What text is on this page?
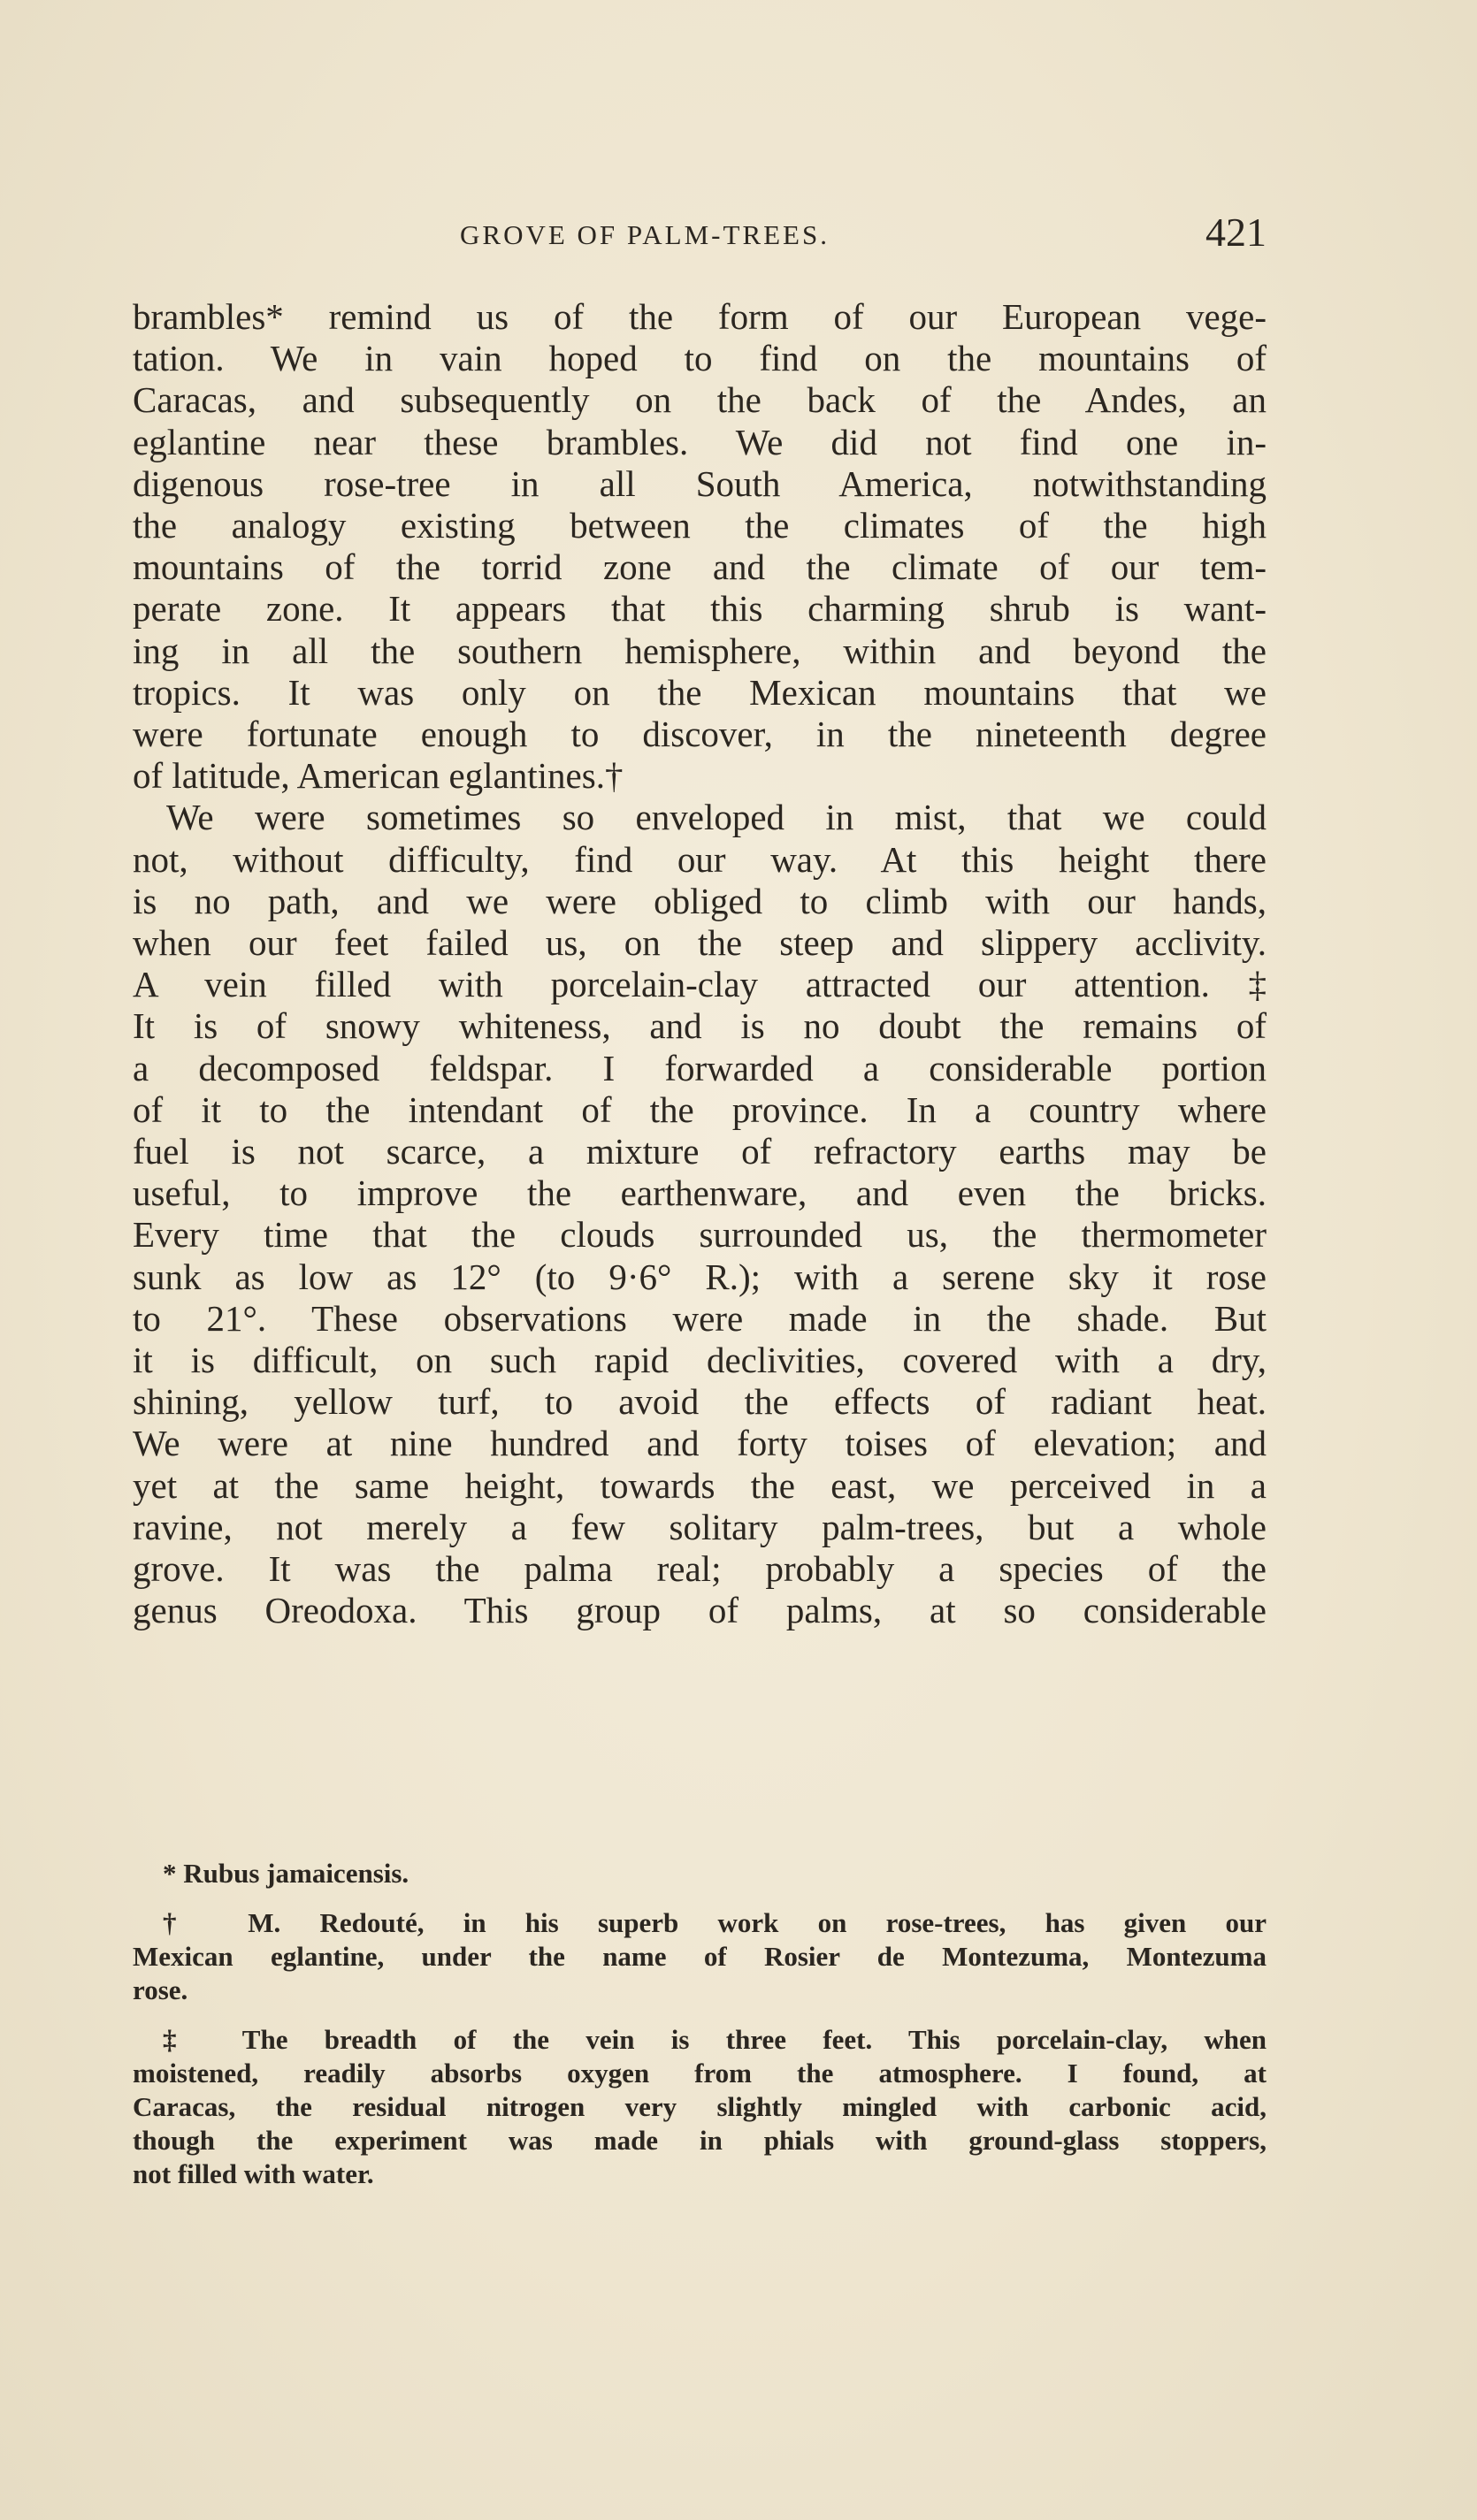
GROVE OF PALM-TREES.	421
brambles* remind us of the form of our European vege-
tation. We in vain hoped to find on the mountains of
Caracas, and subsequently on the back of the Andes, an
eglantine near these brambles. We did not find one in-
digenous rose-tree in all South America, notwithstanding
the analogy existing between the climates of the high
mountains of the torrid zone and the climate of our tem-
perate zone. It appears that this charming shrub is want-
ing in all the southern hemisphere, within and beyond the
tropics. It was only on the Mexican mountains that we
were fortunate enough to discover, in the nineteenth degree
of latitude, American eglantines.†
We were sometimes so enveloped in mist, that we could
not, without difficulty, find our way. At this height there
is no path, and we were obliged to climb with our hands,
when our feet failed us, on the steep and slippery acclivity.
A vein filled with porcelain-clay attracted our attention.‡
It is of snowy whiteness, and is no doubt the remains of
a decomposed feldspar. I forwarded a considerable portion
of it to the intendant of the province. In a country where
fuel is not scarce, a mixture of refractory earths may be
useful, to improve the earthenware, and even the bricks.
Every time that the clouds surrounded us, the thermometer
sunk as low as 12° (to 9·6° R.); with a serene sky it rose
to 21°. These observations were made in the shade. But
it is difficult, on such rapid declivities, covered with a dry,
shining, yellow turf, to avoid the effects of radiant heat.
We were at nine hundred and forty toises of elevation; and
yet at the same height, towards the east, we perceived in a
ravine, not merely a few solitary palm-trees, but a whole
grove. It was the palma real; probably a species of the
genus Oreodoxa. This group of palms, at so considerable
* Rubus jamaicensis.
† M. Redouté, in his superb work on rose-trees, has given our
Mexican eglantine, under the name of Rosier de Montezuma, Montezuma
rose.
‡ The breadth of the vein is three feet. This porcelain-clay, when
moistened, readily absorbs oxygen from the atmosphere. I found, at
Caracas, the residual nitrogen very slightly mingled with carbonic acid,
though the experiment was made in phials with ground-glass stoppers,
not filled with water.
